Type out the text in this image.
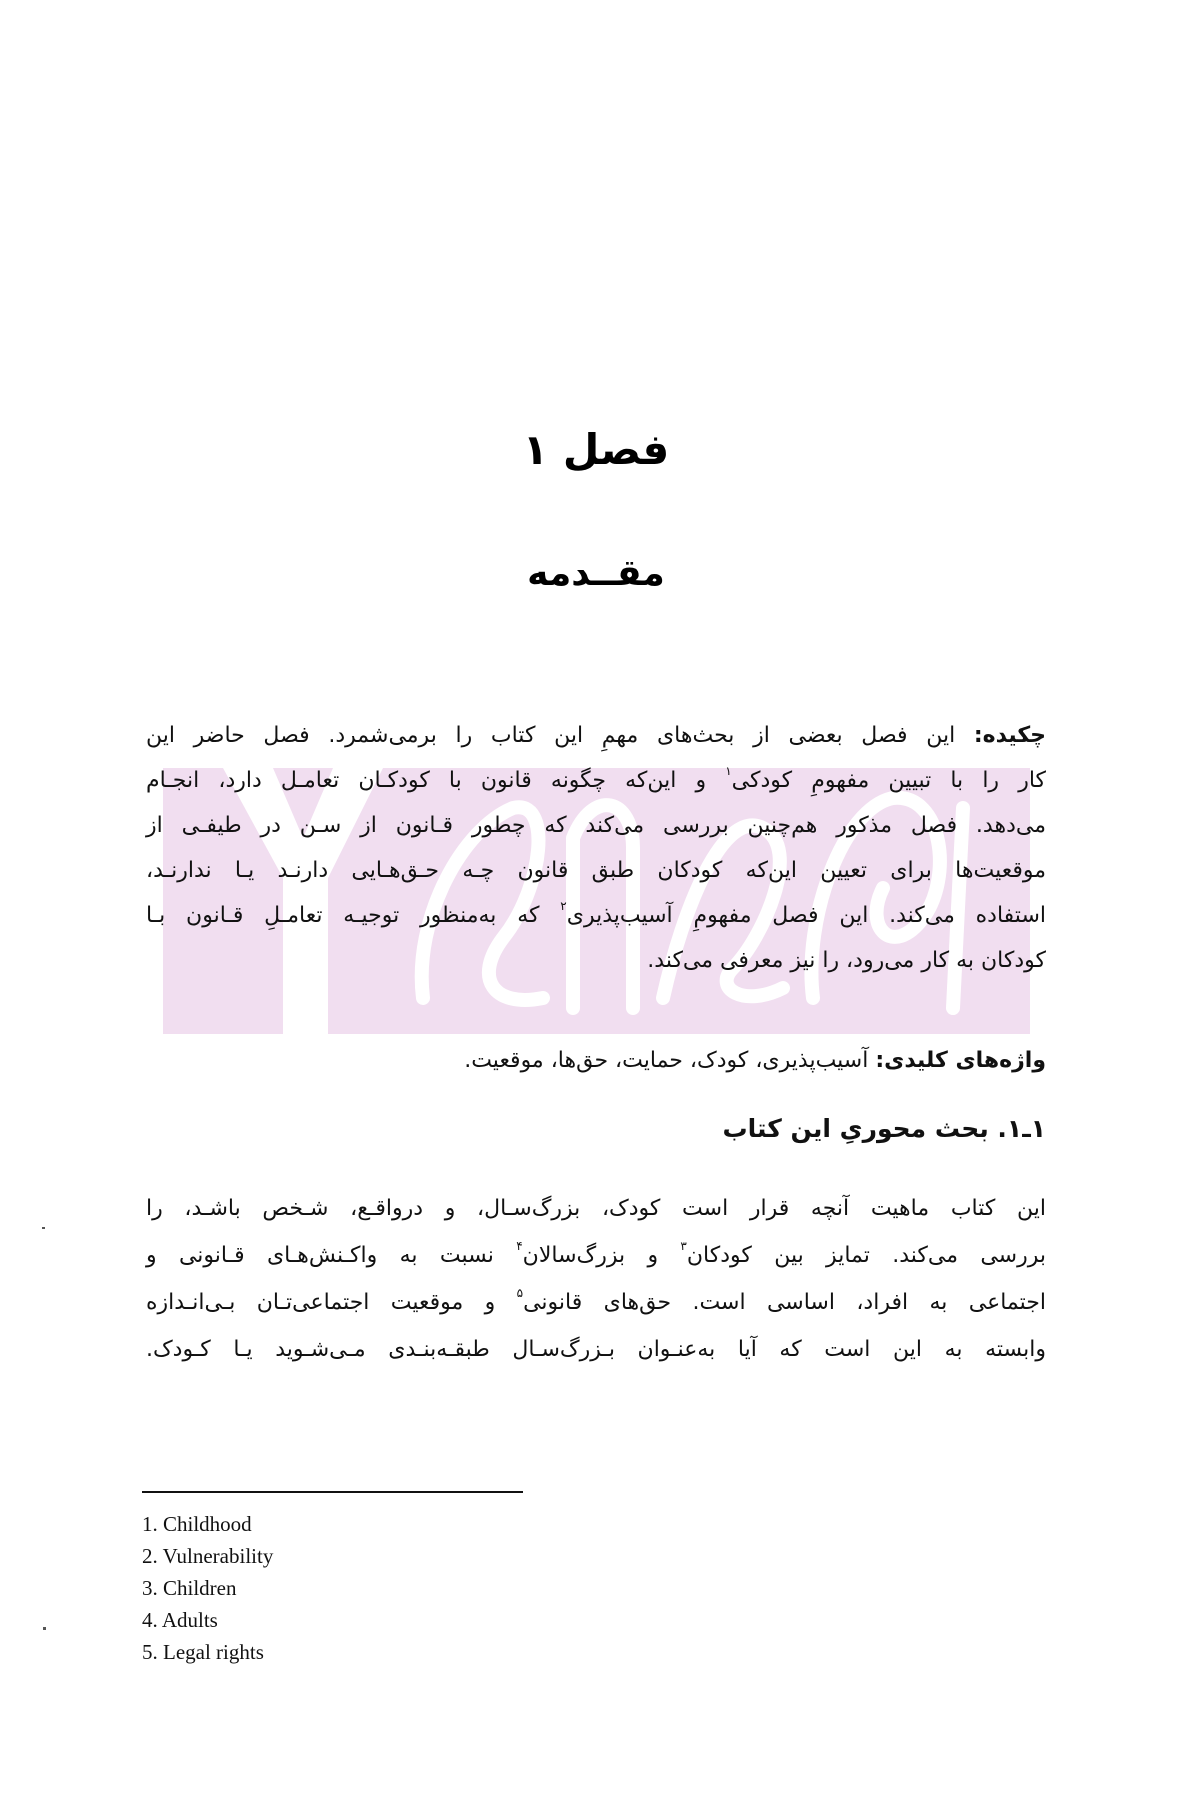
فصل ۱
مقــدمه
چکیده: این فصل بعضی از بحث‌های مهمِ این کتاب را برمی‌شمرد. فصل حاضر این
کار را با تبیین مفهومِ کودکی$^۱$ و این‌که چگونه قانون با کودکـان تعامـل دارد، انجـام
می‌دهد. فصل مذکور هم‌چنین بررسی می‌کند که چطور قـانون از سـن در طیفـی از
موقعیت‌ها برای تعیین این‌که کودکان طبق قانون چـه حـق‌هـایی دارنـد یـا ندارنـد،
استفاده می‌کند. این فصل مفهومِ آسیب‌پذیری$^۲$ که به‌منظور توجیـه تعامـلِ قـانون بـا
کودکان به کار می‌رود، را نیز معرفی می‌کند.
واژه‌های کلیدی: آسیب‌پذیری، کودک، حمایت، حق‌ها، موقعیت.
۱ـ۱. بحث محوریِ این کتاب
این کتاب ماهیت آنچه قرار است کودک، بزرگ‌سـال، و درواقـع، شـخص باشـد، را
بررسی می‌کند. تمایز بین کودکان$^۳$ و بزرگ‌سالان$^۴$ نسبت به واکـنش‌هـای قـانونی و
اجتماعی به افراد، اساسی است. حق‌های قانونی$^۵$ و موقعیت اجتماعی‌تـان بـی‌انـدازه
وابسته به این است که آیا به‌عنـوان بـزرگ‌سـال طبقـه‌بنـدی مـی‌شـوید یـا کـودک.
1. Childhood
2. Vulnerability
3. Children
4. Adults
5. Legal rights
